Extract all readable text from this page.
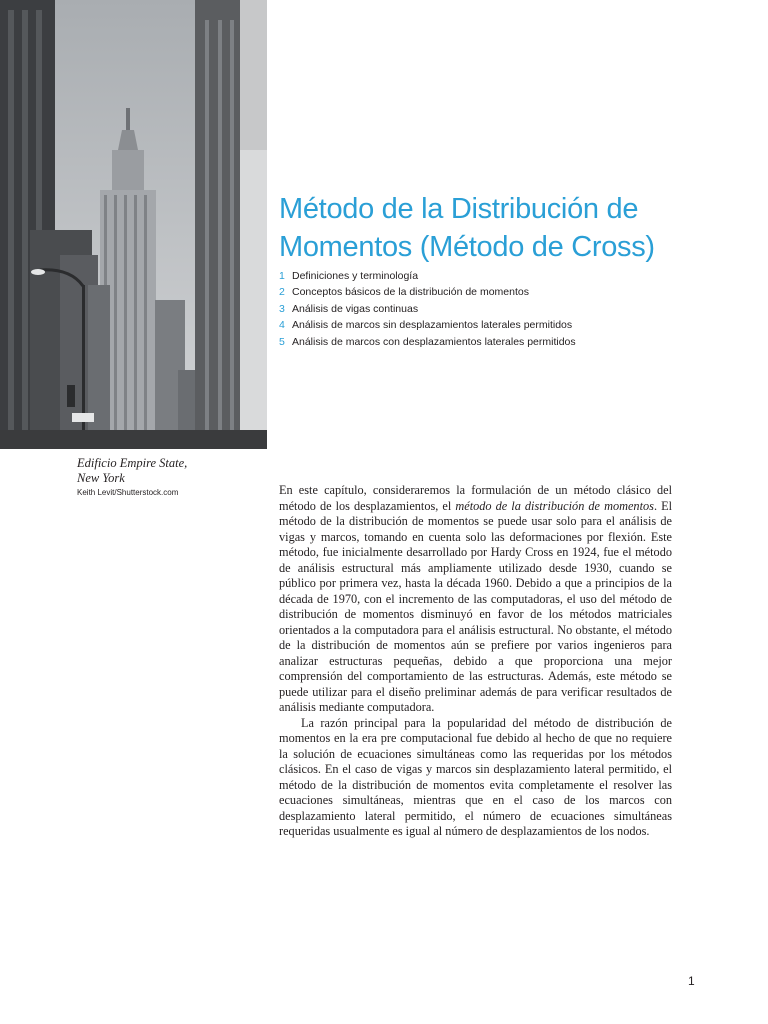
Edificio Empire State,
New York
Keith Levit/Shutterstock.com
Método de la Distribución de
Momentos (Método de Cross)
1 Definiciones y terminología
2 Conceptos básicos de la distribución de momentos
3 Análisis de vigas continuas
4 Análisis de marcos sin desplazamientos laterales permitidos
5 Análisis de marcos con desplazamientos laterales permitidos

En este capítulo, consideraremos la formulación de un método clásico del método de los desplazamientos, el método de la distribución de momentos. El método de la distribución de momentos se puede usar solo para el análisis de vigas y marcos, tomando en cuenta solo las deformaciones por flexión. Este método, fue inicialmente desarrollado por Hardy Cross en 1924, fue el método de análisis estructural más ampliamente utilizado desde 1930, cuando se público por primera vez, hasta la década 1960. Debido a que a principios de la década de 1970, con el incremento de las computadoras, el uso del método de distribución de momentos disminuyó en favor de los métodos matriciales orientados a la computadora para el análisis estructural. No obstante, el método de la distribución de momentos aún se prefiere por varios ingenieros para analizar estructuras pequeñas, debido a que proporciona una mejor comprensión del comportamiento de las estructuras. Además, este método se puede utilizar para el diseño preliminar además de para verificar resultados de análisis mediante computadora.

La razón principal para la popularidad del método de distribución de momentos en la era pre computacional fue debido al hecho de que no requiere la solución de ecuaciones simultáneas como las requeridas por los métodos clásicos. En el caso de vigas y marcos sin desplazamiento lateral permitido, el método de la distribución de momentos evita completamente el resolver las ecuaciones simultáneas, mientras que en el caso de los marcos con desplazamiento lateral permitido, el número de ecuaciones simultáneas requeridas usualmente es igual al número de desplazamientos de los nodos.

1
